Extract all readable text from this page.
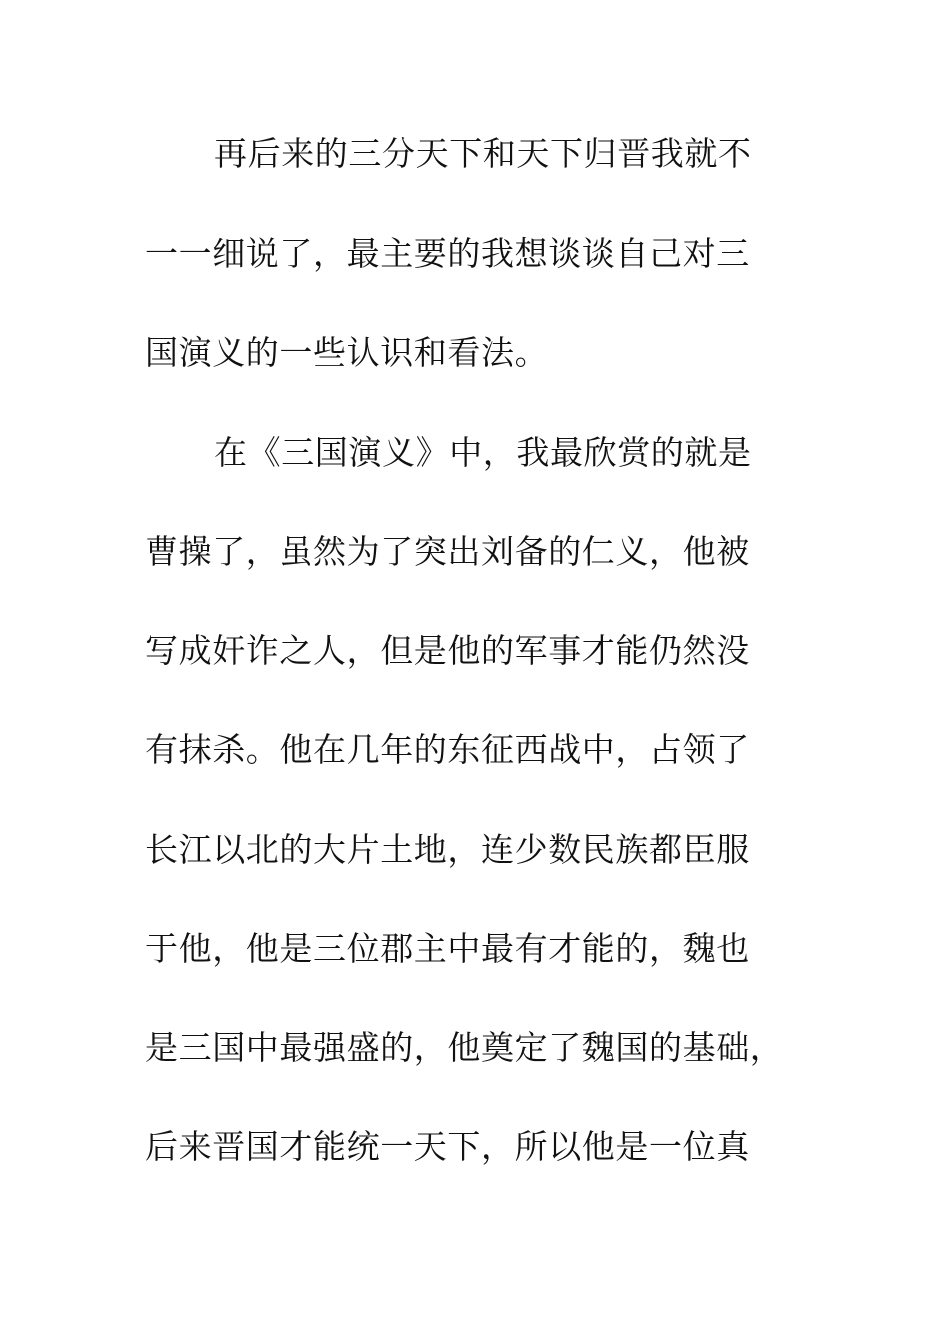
再后来的三分天下和天下归晋我就不
一一细说了，最主要的我想谈谈自己对三
国演义的一些认识和看法。
在《三国演义》中，我最欣赏的就是
曹操了，虽然为了突出刘备的仁义，他被
写成奸诈之人，但是他的军事才能仍然没
有抹杀。他在几年的东征西战中，占领了
长江以北的大片土地，连少数民族都臣服
于他，他是三位郡主中最有才能的，魏也
是三国中最强盛的，他奠定了魏国的基础，
后来晋国才能统一天下，所以他是一位真
